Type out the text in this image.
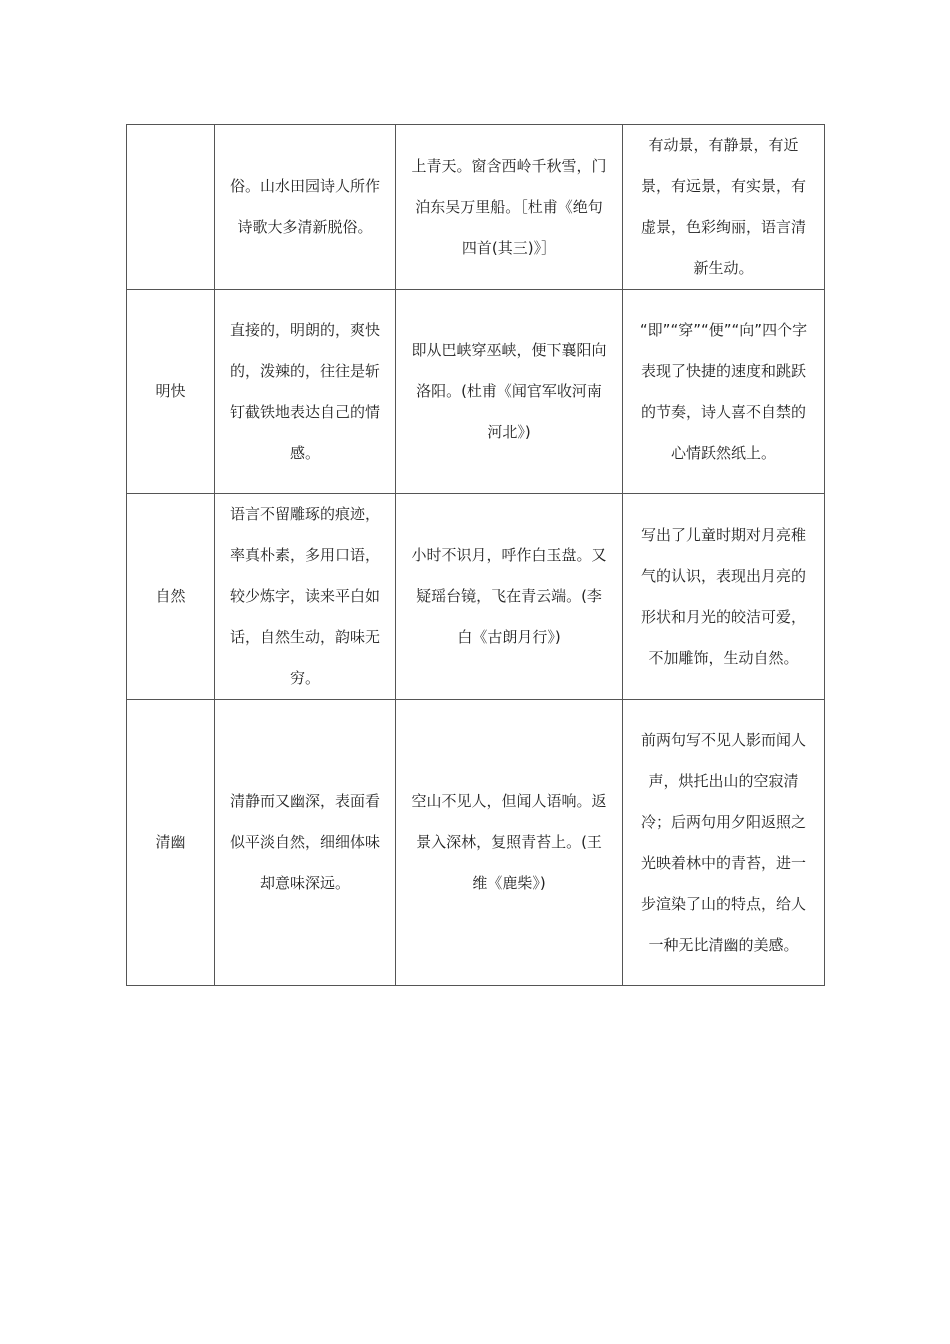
	俗。山水田园诗人所作诗歌大多清新脱俗。	上青天。窗含西岭千秋雪，门泊东吴万里船。［杜甫《绝句四首(其三)》］	有动景，有静景，有近景，有远景，有实景，有虚景，色彩绚丽，语言清新生动。

明快	直接的，明朗的，爽快的，泼辣的，往往是斩钉截铁地表达自己的情感。	即从巴峡穿巫峡，便下襄阳向洛阳。(杜甫《闻官军收河南河北》)	“即”“穿”“便”“向”四个字表现了快捷的速度和跳跃的节奏，诗人喜不自禁的心情跃然纸上。

自然	语言不留雕琢的痕迹，率真朴素，多用口语，较少炼字，读来平白如话，自然生动，韵味无穷。	小时不识月，呼作白玉盘。又疑瑶台镜，飞在青云端。(李白《古朗月行》)	写出了儿童时期对月亮稚气的认识，表现出月亮的形状和月光的皎洁可爱，不加雕饰，生动自然。

清幽	清静而又幽深，表面看似平淡自然，细细体味却意味深远。	空山不见人，但闻人语响。返景入深林，复照青苔上。(王维《鹿柴》)	前两句写不见人影而闻人声，烘托出山的空寂清冷；后两句用夕阳返照之光映着林中的青苔，进一步渲染了山的特点，给人一种无比清幽的美感。
